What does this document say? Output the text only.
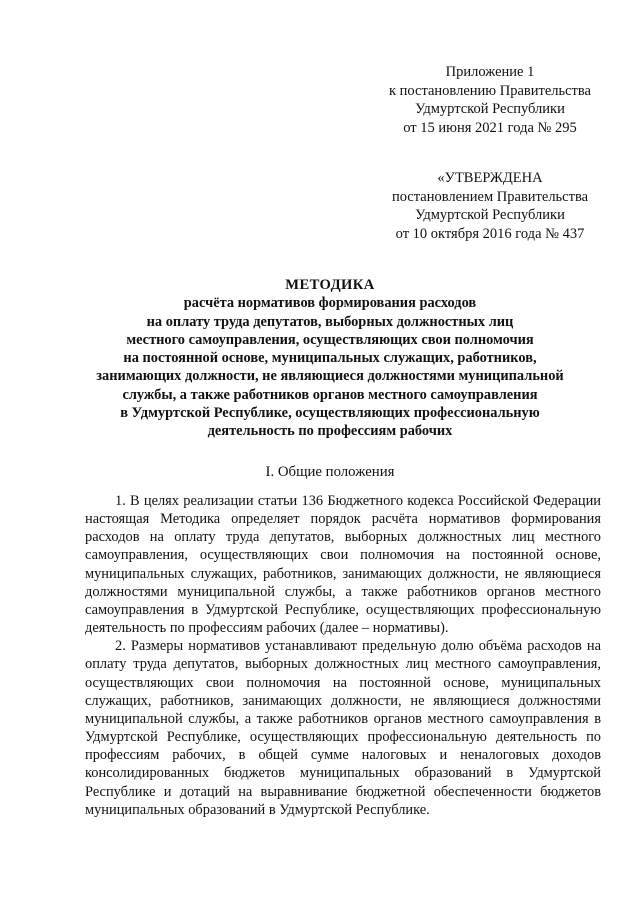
Приложение 1
к постановлению Правительства
Удмуртской Республики
от 15 июня 2021 года № 295
«УТВЕРЖДЕНА
постановлением Правительства
Удмуртской Республики
от 10 октября 2016 года № 437
МЕТОДИКА
расчёта нормативов формирования расходов
на оплату труда депутатов, выборных должностных лиц
местного самоуправления, осуществляющих свои полномочия
на постоянной основе, муниципальных служащих, работников,
занимающих должности, не являющиеся должностями муниципальной
службы, а также работников органов местного самоуправления
в Удмуртской Республике, осуществляющих профессиональную
деятельность по профессиям рабочих
I. Общие положения

1. В целях реализации статьи 136 Бюджетного кодекса Российской Федерации настоящая Методика определяет порядок расчёта нормативов формирования расходов на оплату труда депутатов, выборных должностных лиц местного самоуправления, осуществляющих свои полномочия на постоянной основе, муниципальных служащих, работников, занимающих должности, не являющиеся должностями муниципальной службы, а также работников органов местного самоуправления в Удмуртской Республике, осуществляющих профессиональную деятельность по профессиям рабочих (далее – нормативы).

2. Размеры нормативов устанавливают предельную долю объёма расходов на оплату труда депутатов, выборных должностных лиц местного самоуправления, осуществляющих свои полномочия на постоянной основе, муниципальных служащих, работников, занимающих должности, не являющиеся должностями муниципальной службы, а также работников органов местного самоуправления в Удмуртской Республике, осуществляющих профессиональную деятельность по профессиям рабочих, в общей сумме налоговых и неналоговых доходов консолидированных бюджетов муниципальных образований в Удмуртской Республике и дотаций на выравнивание бюджетной обеспеченности бюджетов муниципальных образований в Удмуртской Республике.
